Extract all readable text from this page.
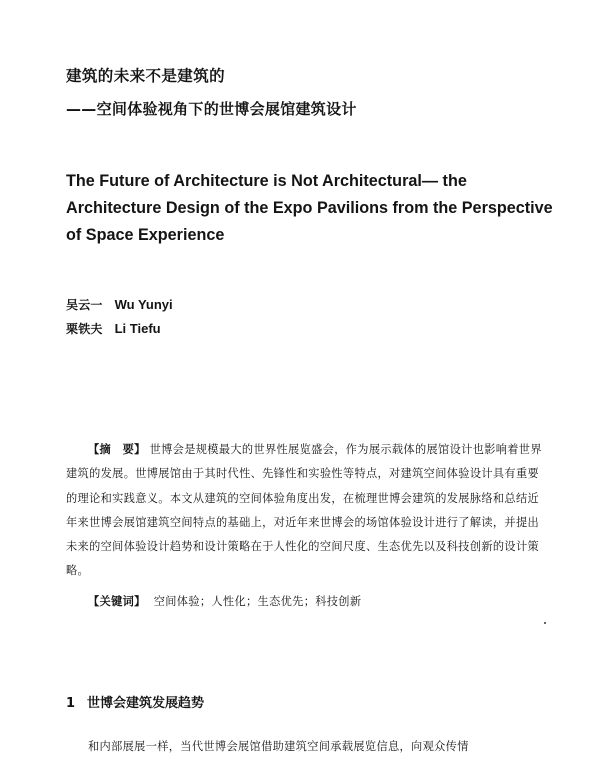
建筑的未来不是建筑的
——空间体验视角下的世博会展馆建筑设计
The Future of Architecture is Not Architectural— the Architecture Design of the Expo Pavilions from the Perspective of Space Experience
吴云一 Wu Yunyi
栗铁夫 Li Tiefu

【摘　要】 世博会是规模最大的世界性展览盛会，作为展示载体的展馆设计也影响着世界建筑的发展。世博展馆由于其时代性、先锋性和实验性等特点，对建筑空间体验设计具有重要的理论和实践意义。本文从建筑的空间体验角度出发，在梳理世博会建筑的发展脉络和总结近年来世博会展馆建筑空间特点的基础上，对近年来世博会的场馆体验设计进行了解读，并提出未来的空间体验设计趋势和设计策略在于人性化的空间尺度、生态优先以及科技创新的设计策略。

【关键词】 空间体验；人性化；生态优先；科技创新

1 世博会建筑发展趋势

和内部展展一样，当代世博会展馆借助建筑空间承载展览信息，向观众传情
